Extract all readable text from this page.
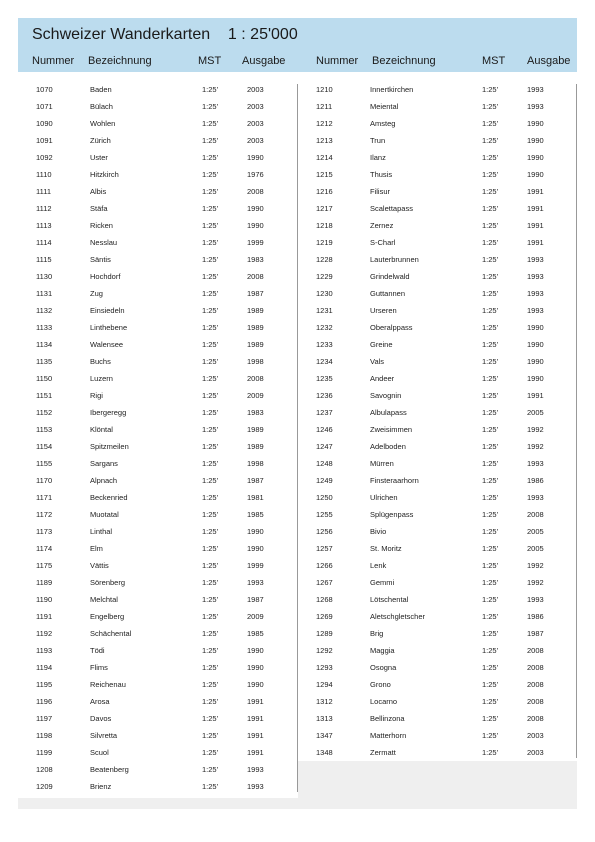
Schweizer Wanderkarten    1 : 25'000
Nummer Bezeichnung	MST Ausgabe	Nummer Bezeichnung	MST Ausgabe
1070	Baden	1:25'	2003
1071	Bülach	1:25'	2003
1090	Wohlen	1:25'	2003
1091	Zürich	1:25'	2003
1092	Uster	1:25'	1990
1110	Hitzkirch	1:25'	1976
1111	Albis	1:25'	2008
1112	Stäfa	1:25'	1990
1113	Ricken	1:25'	1990
1114	Nesslau	1:25'	1999
1115	Säntis	1:25'	1983
1130	Hochdorf	1:25'	2008
1131	Zug	1:25'	1987
1132	Einsiedeln	1:25'	1989
1133	Linthebene	1:25'	1989
1134	Walensee	1:25'	1989
1135	Buchs	1:25'	1998
1150	Luzern	1:25'	2008
1151	Rigi	1:25'	2009
1152	Ibergeregg	1:25'	1983
1153	Klöntal	1:25'	1989
1154	Spitzmeilen	1:25'	1989
1155	Sargans	1:25'	1998
1170	Alpnach	1:25'	1987
1171	Beckenried	1:25'	1981
1172	Muotatal	1:25'	1985
1173	Linthal	1:25'	1990
1174	Elm	1:25'	1990
1175	Vättis	1:25'	1999
1189	Sörenberg	1:25'	1993
1190	Melchtal	1:25'	1987
1191	Engelberg	1:25'	2009
1192	Schächental	1:25'	1985
1193	Tödi	1:25'	1990
1194	Flims	1:25'	1990
1195	Reichenau	1:25'	1990
1196	Arosa	1:25'	1991
1197	Davos	1:25'	1991
1198	Silvretta	1:25'	1991
1199	Scuol	1:25'	1991
1208	Beatenberg	1:25'	1993
1209	Brienz	1:25'	1993
1210	Innertkirchen	1:25'	1993
1211	Meiental	1:25'	1993
1212	Amsteg	1:25'	1990
1213	Trun	1:25'	1990
1214	Ilanz	1:25'	1990
1215	Thusis	1:25'	1990
1216	Filisur	1:25'	1991
1217	Scalettapass	1:25'	1991
1218	Zernez	1:25'	1991
1219	S-Charl	1:25'	1991
1228	Lauterbrunnen	1:25'	1993
1229	Grindelwald	1:25'	1993
1230	Guttannen	1:25'	1993
1231	Urseren	1:25'	1993
1232	Oberalppass	1:25'	1990
1233	Greine	1:25'	1990
1234	Vals	1:25'	1990
1235	Andeer	1:25'	1990
1236	Savognin	1:25'	1991
1237	Albulapass	1:25'	2005
1246	Zweisimmen	1:25'	1992
1247	Adelboden	1:25'	1992
1248	Mürren	1:25'	1993
1249	Finsteraarhorn	1:25'	1986
1250	Ulrichen	1:25'	1993
1255	Splügenpass	1:25'	2008
1256	Bivio	1:25'	2005
1257	St. Moritz	1:25'	2005
1266	Lenk	1:25'	1992
1267	Gemmi	1:25'	1992
1268	Lötschental	1:25'	1993
1269	Aletschgletscher	1:25'	1986
1289	Brig	1:25'	1987
1292	Maggia	1:25'	2008
1293	Osogna	1:25'	2008
1294	Grono	1:25'	2008
1312	Locarno	1:25'	2008
1313	Bellinzona	1:25'	2008
1347	Matterhorn	1:25'	2003
1348	Zermatt	1:25'	2003
